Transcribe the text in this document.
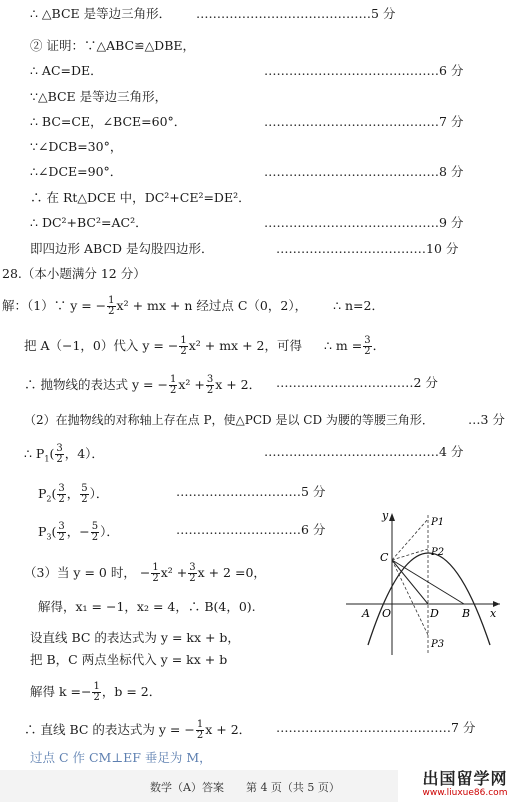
∴ △BCE 是等边三角形． ……………………………………5 分
② 证明：∵△ABC≌△DBE，
∴ AC=DE．	……………………………………6 分
∵△BCE 是等边三角形，
∴ BC=CE，∠BCE=60°．	……………………………………7 分
∵∠DCB=30°，
∴∠DCE=90°．	……………………………………8 分
∴ 在 Rt△DCE 中，DC²+CE²=DE²．
∴ DC²+BC²=AC²．	……………………………………9 分
即四边形 ABCD 是勾股四边形．	………………………………10 分
28.（本小题满分 12 分）
解：（1）∵ y = − $\frac{1}{2} x^2$ + mx + n 经过点 C（0，2）， ∴ n=2．
把 A（−1，0）代入 y = − $\frac{1}{2} x^2$ + mx + 2，可得 ∴ $m = \frac{3}{2}$ ．
∴ 抛物线的表达式 y = − $\frac{1}{2} x^2 + \frac{3}{2}$ x + 2． ……………………………2 分
（2）在抛物线的对称轴上存在点 P，使△PCD 是以 CD 为腰的等腰三角形．	…3 分
∴ $P_1( \frac{3}{2}$ ，4）．	……………………………………4 分
$P_2( \frac{3}{2}$ ， $\frac{5}{2}$ ）．	…………………………5 分
$P_3( \frac{3}{2}$ ，− $\frac{5}{2}$ ）．	…………………………6 分
（3）当 y = 0 时， − $\frac{1}{2} x^2 + \frac{3}{2}$ x + 2 =0，
解得，x₁ = −1，x₂ = 4，∴ B(4，0).
设直线 BC 的表达式为 y = kx + b，
把 B，C 两点坐标代入 y = kx + b
解得 $k =- \frac{1}{2}$ ，b = 2．
∴ 直线 BC 的表达式为 y = − $\frac{1}{2}$ x + 2． ……………………………………7 分
过点 C 作 CM⊥EF 垂足为 M，
y
x
O
A
C
D B
P1
P2
P3
数学（A）答案　　第 4 页（共 5 页）	出国留学网
www.liuxue86.com
